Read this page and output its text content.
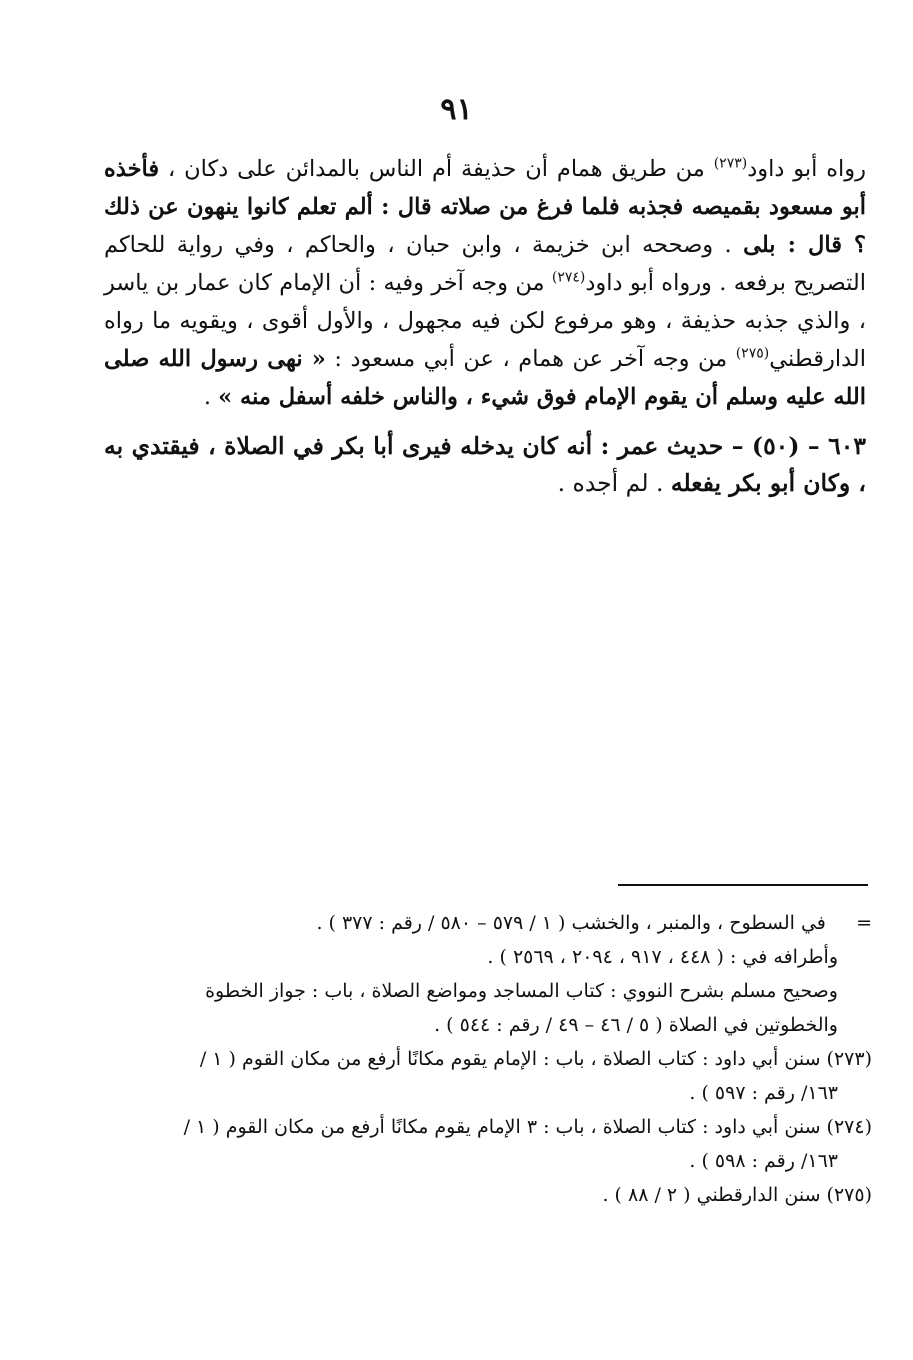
٩١

رواه أبو داود$^{(٢٧٣)}$ من طريق همام أن حذيفة أم الناس بالمدائن على دكان ، فأخذه أبو مسعود بقميصه فجذبه فلما فرغ من صلاته قال : ألم تعلم كانوا ينهون عن ذلك ؟ قال : بلى . وصححه ابن خزيمة ، وابن حبان ، والحاكم ، وفي رواية للحاكم التصريح برفعه . ورواه أبو داود$^{(٢٧٤)}$ من وجه آخر وفيه : أن الإمام كان عمار بن ياسر ، والذي جذبه حذيفة ، وهو مرفوع لكن فيه مجهول ، والأول أقوى ، ويقويه ما رواه الدارقطني$^{(٢٧٥)}$ من وجه آخر عن همام ، عن أبي مسعود : « نهى رسول الله صلى الله عليه وسلم أن يقوم الإمام فوق شيء ، والناس خلفه أسفل منه » .

٦٠٣ – (٥٠) – حديث عمر : أنه كان يدخله فيرى أبا بكر في الصلاة ، فيقتدي به ، وكان أبو بكر يفعله . لم أجده .

=     في السطوح ، والمنبر ، والخشب ( ١ / ٥٧٩ – ٥٨٠ / رقم : ٣٧٧ ) .

وأطرافه في : ( ٤٤٨ ، ٩١٧ ، ٢٠٩٤ ، ٢٥٦٩ ) .

وصحيح مسلم بشرح النووي : كتاب المساجد ومواضع الصلاة ، باب : جواز الخطوة

والخطوتين في الصلاة ( ٥ / ٤٦ – ٤٩ / رقم : ٥٤٤ ) .

(٢٧٣) سنن أبي داود : كتاب الصلاة ، باب : الإمام يقوم مكانًا أرفع من مكان القوم ( ١ /

١٦٣/ رقم : ٥٩٧ ) .

(٢٧٤) سنن أبي داود : كتاب الصلاة ، باب : ٣ الإمام يقوم مكانًا أرفع من مكان القوم ( ١ /

١٦٣/ رقم : ٥٩٨ ) .

(٢٧٥) سنن الدارقطني ( ٢ / ٨٨ ) .
